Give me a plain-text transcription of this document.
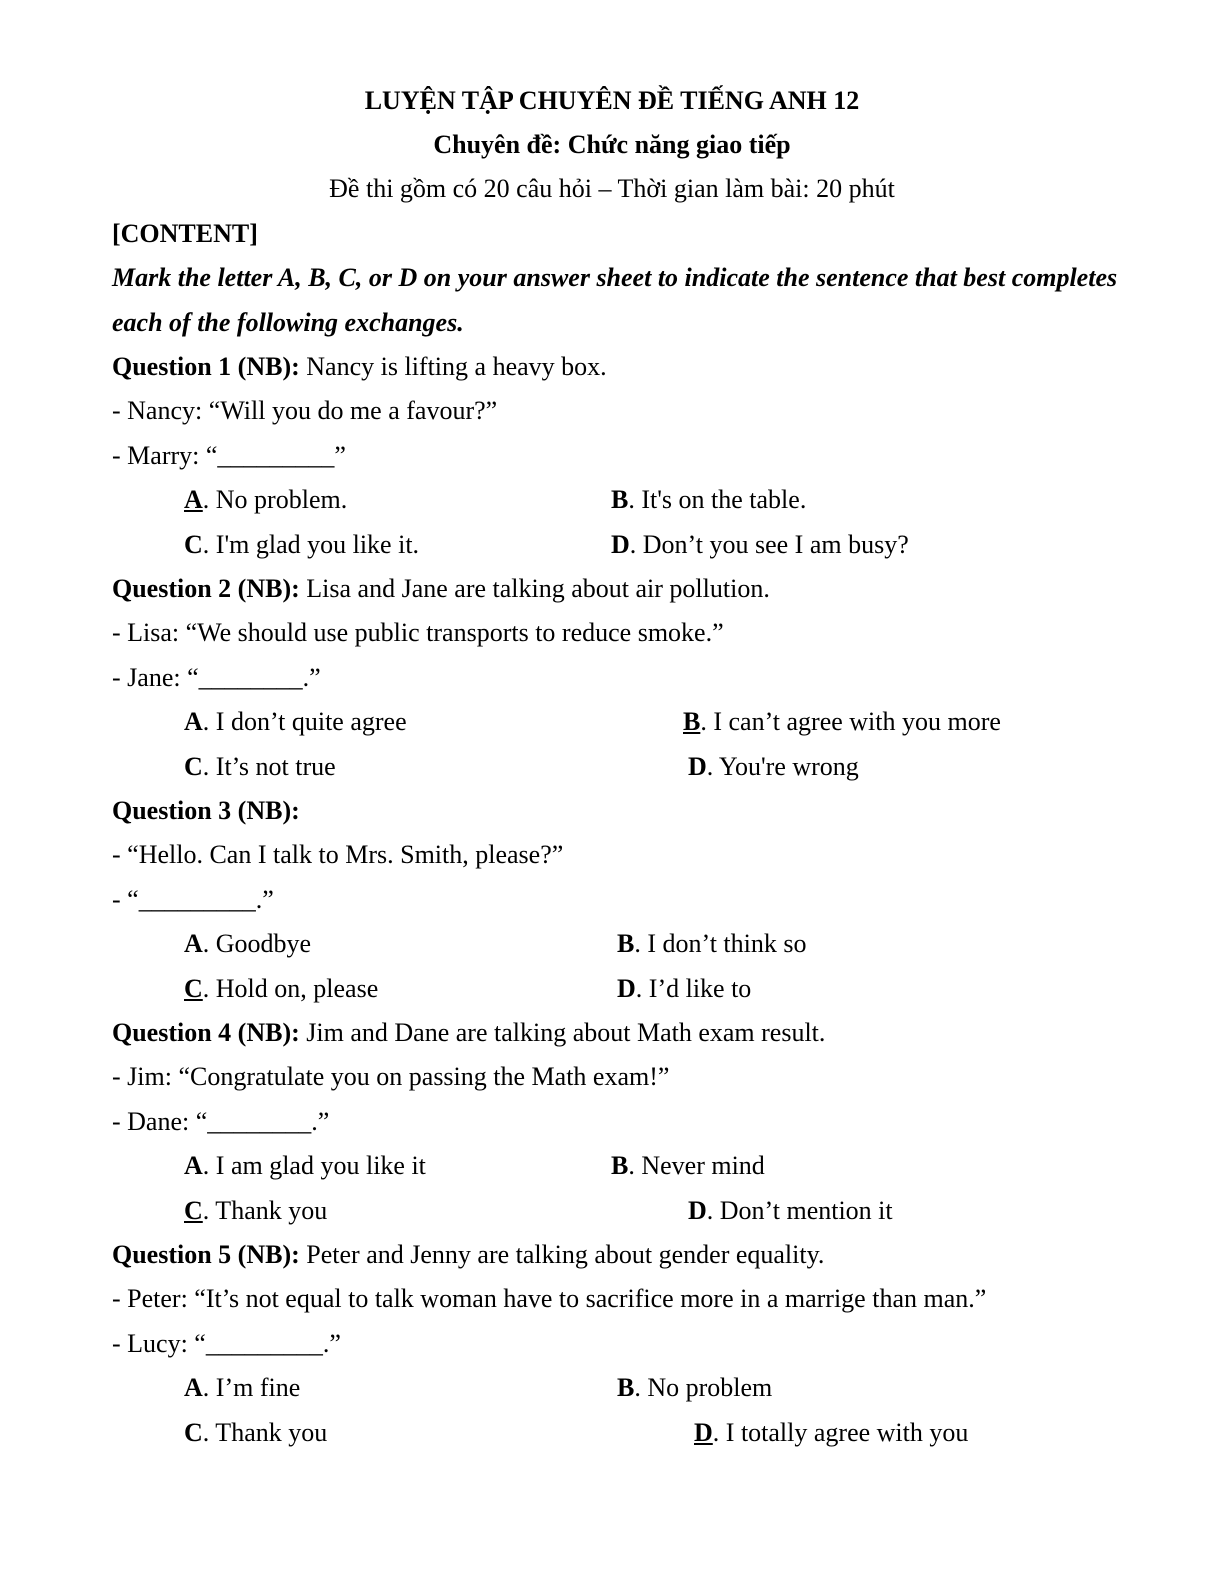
LUYỆN TẬP CHUYÊN ĐỀ TIẾNG ANH 12
Chuyên đề: Chức năng giao tiếp
Đề thi gồm có 20 câu hỏi – Thời gian làm bài: 20 phút
[CONTENT]
Mark the letter A, B, C, or D on your answer sheet to indicate the sentence that best completes
each of the following exchanges.
Question 1 (NB): Nancy is lifting a heavy box.
- Nancy: “Will you do me a favour?”
- Marry: “_________”
A. No problem.	B. It's on the table.
C. I'm glad you like it.	D. Don’t you see I am busy?
Question 2 (NB): Lisa and Jane are talking about air pollution.
- Lisa: “We should use public transports to reduce smoke.”
- Jane: “________.”
A. I don’t quite agree	B. I can’t agree with you more
C. It’s not true	D. You're wrong
Question 3 (NB):
- “Hello. Can I talk to Mrs. Smith, please?”
- “_________.”
A. Goodbye	B. I don’t think so
C. Hold on, please	D. I’d like to
Question 4 (NB): Jim and Dane are talking about Math exam result.
- Jim: “Congratulate you on passing the Math exam!”
- Dane: “________.”
A. I am glad you like it	B. Never mind
C. Thank you	D. Don’t mention it
Question 5 (NB): Peter and Jenny are talking about gender equality.
- Peter: “It’s not equal to talk woman have to sacrifice more in a marrige than man.”
- Lucy: “_________.”
A. I’m fine	B. No problem
C. Thank you	D. I totally agree with you
